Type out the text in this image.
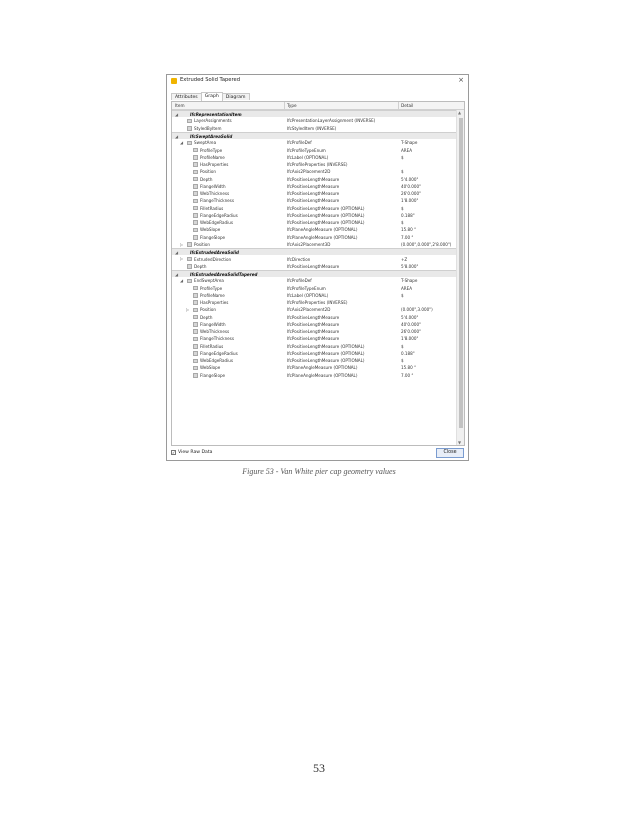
Extruded Solid Tapered	×
Attributes	Graph	Diagram
Item	Type	Detail
◢	IfcRepresentationItem
LayerAssignments	IfcPresentationLayerAssignment (INVERSE)
StyledByItem	IfcStyledItem (INVERSE)
◢	IfcSweptAreaSolid
◢	SweptArea	IfcProfileDef	T-Shape
ProfileType	IfcProfileTypeEnum	AREA
ProfileName	IfcLabel (OPTIONAL)	$
HasProperties	IfcProfileProperties (INVERSE)
Position	IfcAxis2Placement2D	$
Depth	IfcPositiveLengthMeasure	5'4.000"
FlangeWidth	IfcPositiveLengthMeasure	40'0.000"
WebThickness	IfcPositiveLengthMeasure	26'0.000"
FlangeThickness	IfcPositiveLengthMeasure	1'8.000"
FilletRadius	IfcPositiveLengthMeasure (OPTIONAL)	$
FlangeEdgeRadius	IfcPositiveLengthMeasure (OPTIONAL)	0.188"
WebEdgeRadius	IfcPositiveLengthMeasure (OPTIONAL)	$
WebSlope	IfcPlaneAngleMeasure (OPTIONAL)	15.80 °
FlangeSlope	IfcPlaneAngleMeasure (OPTIONAL)	7.00 °
▷	Position	IfcAxis2Placement3D	(0.000",0.000",2'8.000")
◢	IfcExtrudedAreaSolid
▷	ExtrudedDirection	IfcDirection	+Z
Depth	IfcPositiveLengthMeasure	5'8.000"
◢	IfcExtrudedAreaSolidTapered
◢	EndSweptArea	IfcProfileDef	T-Shape
ProfileType	IfcProfileTypeEnum	AREA
ProfileName	IfcLabel (OPTIONAL)	$
HasProperties	IfcProfileProperties (INVERSE)
▷	Position	IfcAxis2Placement2D	(0.000",3.000")
Depth	IfcPositiveLengthMeasure	5'4.000"
FlangeWidth	IfcPositiveLengthMeasure	40'0.000"
WebThickness	IfcPositiveLengthMeasure	26'0.000"
FlangeThickness	IfcPositiveLengthMeasure	1'8.000"
FilletRadius	IfcPositiveLengthMeasure (OPTIONAL)	$
FlangeEdgeRadius	IfcPositiveLengthMeasure (OPTIONAL)	0.188"
WebEdgeRadius	IfcPositiveLengthMeasure (OPTIONAL)	$
WebSlope	IfcPlaneAngleMeasure (OPTIONAL)	15.80 °
FlangeSlope	IfcPlaneAngleMeasure (OPTIONAL)	7.00 °
▲
▼
✓ View Raw Data	Close
Figure 53 - Van White pier cap geometry values
53
